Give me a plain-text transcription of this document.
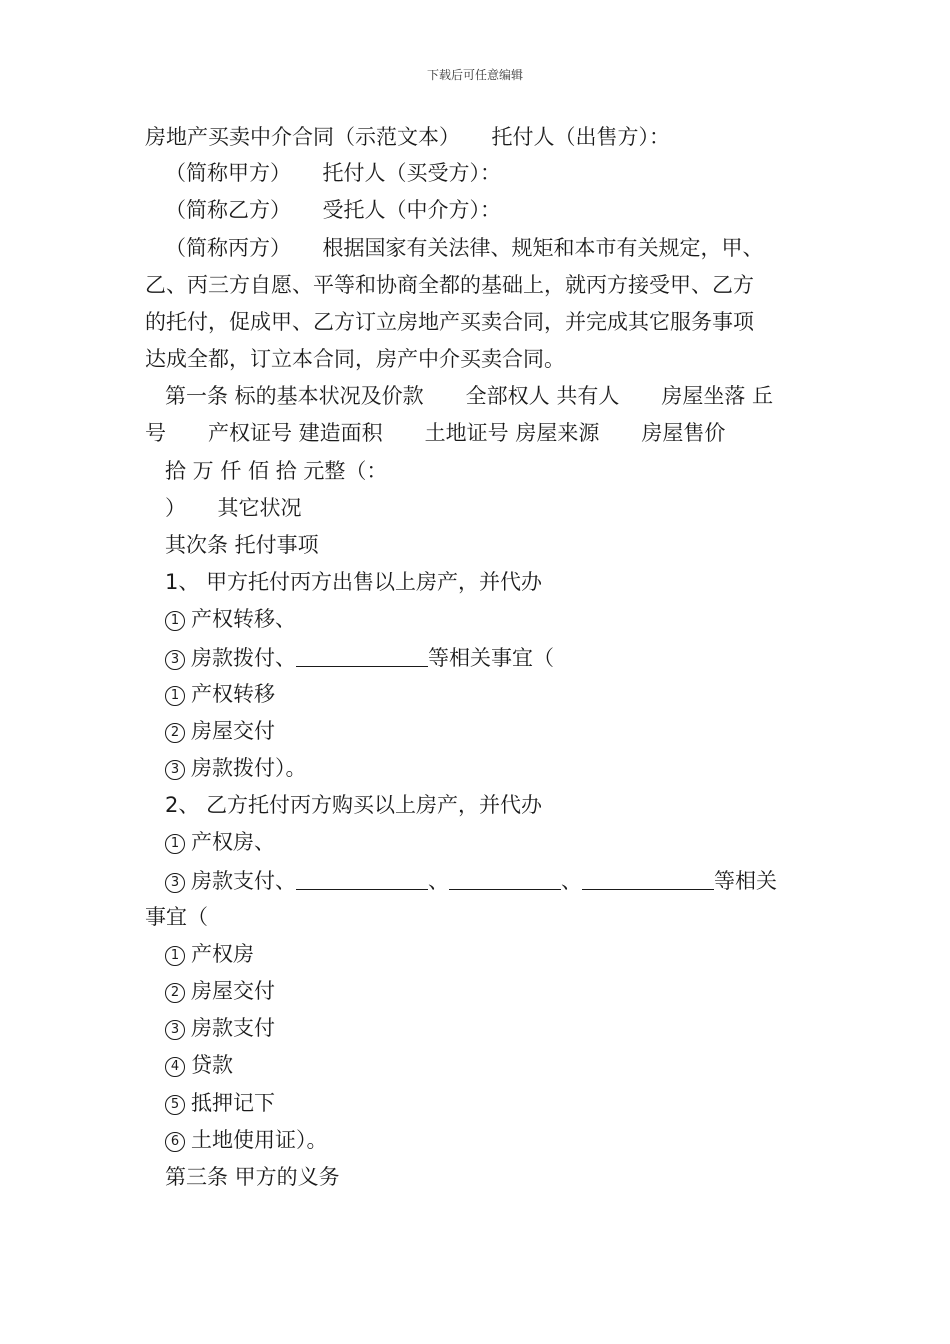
下载后可任意编辑
房地产买卖中介合同（示范文本）　　托付人（出售方）：
（简称甲方）　　托付人（买受方）：
（简称乙方）　　受托人（中介方）：
（简称丙方）　　根据国家有关法律、规矩和本市有关规定，甲、
乙、丙三方自愿、平等和协商全都的基础上，就丙方接受甲、乙方
的托付，促成甲、乙方订立房地产买卖合同，并完成其它服务事项
达成全都，订立本合同，房产中介买卖合同。
第一条 标的基本状况及价款　　全部权人 共有人　　房屋坐落 丘
号　　产权证号 建造面积　　土地证号 房屋来源　　房屋售价
拾 万 仟 佰 拾 元整（：
）　　其它状况
其次条 托付事项
1、 甲方托付丙方出售以上房产，并代办
1 产权转移、
3 房款拨付、	等相关事宜（
1 产权转移
2 房屋交付
3 房款拨付）。
2、 乙方托付丙方购买以上房产，并代办
1 产权房、
3 房款支付、	、	、	等相关
事宜（
1 产权房
2 房屋交付
3 房款支付
4 贷款
5 抵押记下
6 土地使用证）。
第三条 甲方的义务
